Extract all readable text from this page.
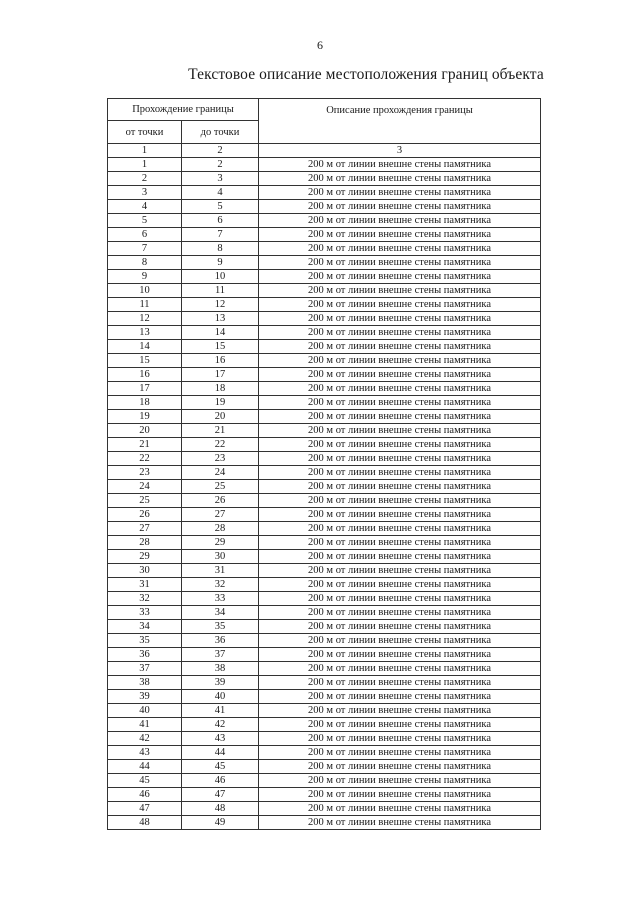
6
Текстовое описание местоположения границ объекта
Прохождение границы		Описание прохождения границы
от точки	до точки	
1	2	3
1	2	200 м от линии внешне стены памятника
2	3	200 м от линии внешне стены памятника
3	4	200 м от линии внешне стены памятника
4	5	200 м от линии внешне стены памятника
5	6	200 м от линии внешне стены памятника
6	7	200 м от линии внешне стены памятника
7	8	200 м от линии внешне стены памятника
8	9	200 м от линии внешне стены памятника
9	10	200 м от линии внешне стены памятника
10	11	200 м от линии внешне стены памятника
11	12	200 м от линии внешне стены памятника
12	13	200 м от линии внешне стены памятника
13	14	200 м от линии внешне стены памятника
14	15	200 м от линии внешне стены памятника
15	16	200 м от линии внешне стены памятника
16	17	200 м от линии внешне стены памятника
17	18	200 м от линии внешне стены памятника
18	19	200 м от линии внешне стены памятника
19	20	200 м от линии внешне стены памятника
20	21	200 м от линии внешне стены памятника
21	22	200 м от линии внешне стены памятника
22	23	200 м от линии внешне стены памятника
23	24	200 м от линии внешне стены памятника
24	25	200 м от линии внешне стены памятника
25	26	200 м от линии внешне стены памятника
26	27	200 м от линии внешне стены памятника
27	28	200 м от линии внешне стены памятника
28	29	200 м от линии внешне стены памятника
29	30	200 м от линии внешне стены памятника
30	31	200 м от линии внешне стены памятника
31	32	200 м от линии внешне стены памятника
32	33	200 м от линии внешне стены памятника
33	34	200 м от линии внешне стены памятника
34	35	200 м от линии внешне стены памятника
35	36	200 м от линии внешне стены памятника
36	37	200 м от линии внешне стены памятника
37	38	200 м от линии внешне стены памятника
38	39	200 м от линии внешне стены памятника
39	40	200 м от линии внешне стены памятника
40	41	200 м от линии внешне стены памятника
41	42	200 м от линии внешне стены памятника
42	43	200 м от линии внешне стены памятника
43	44	200 м от линии внешне стены памятника
44	45	200 м от линии внешне стены памятника
45	46	200 м от линии внешне стены памятника
46	47	200 м от линии внешне стены памятника
47	48	200 м от линии внешне стены памятника
48	49	200 м от линии внешне стены памятника
